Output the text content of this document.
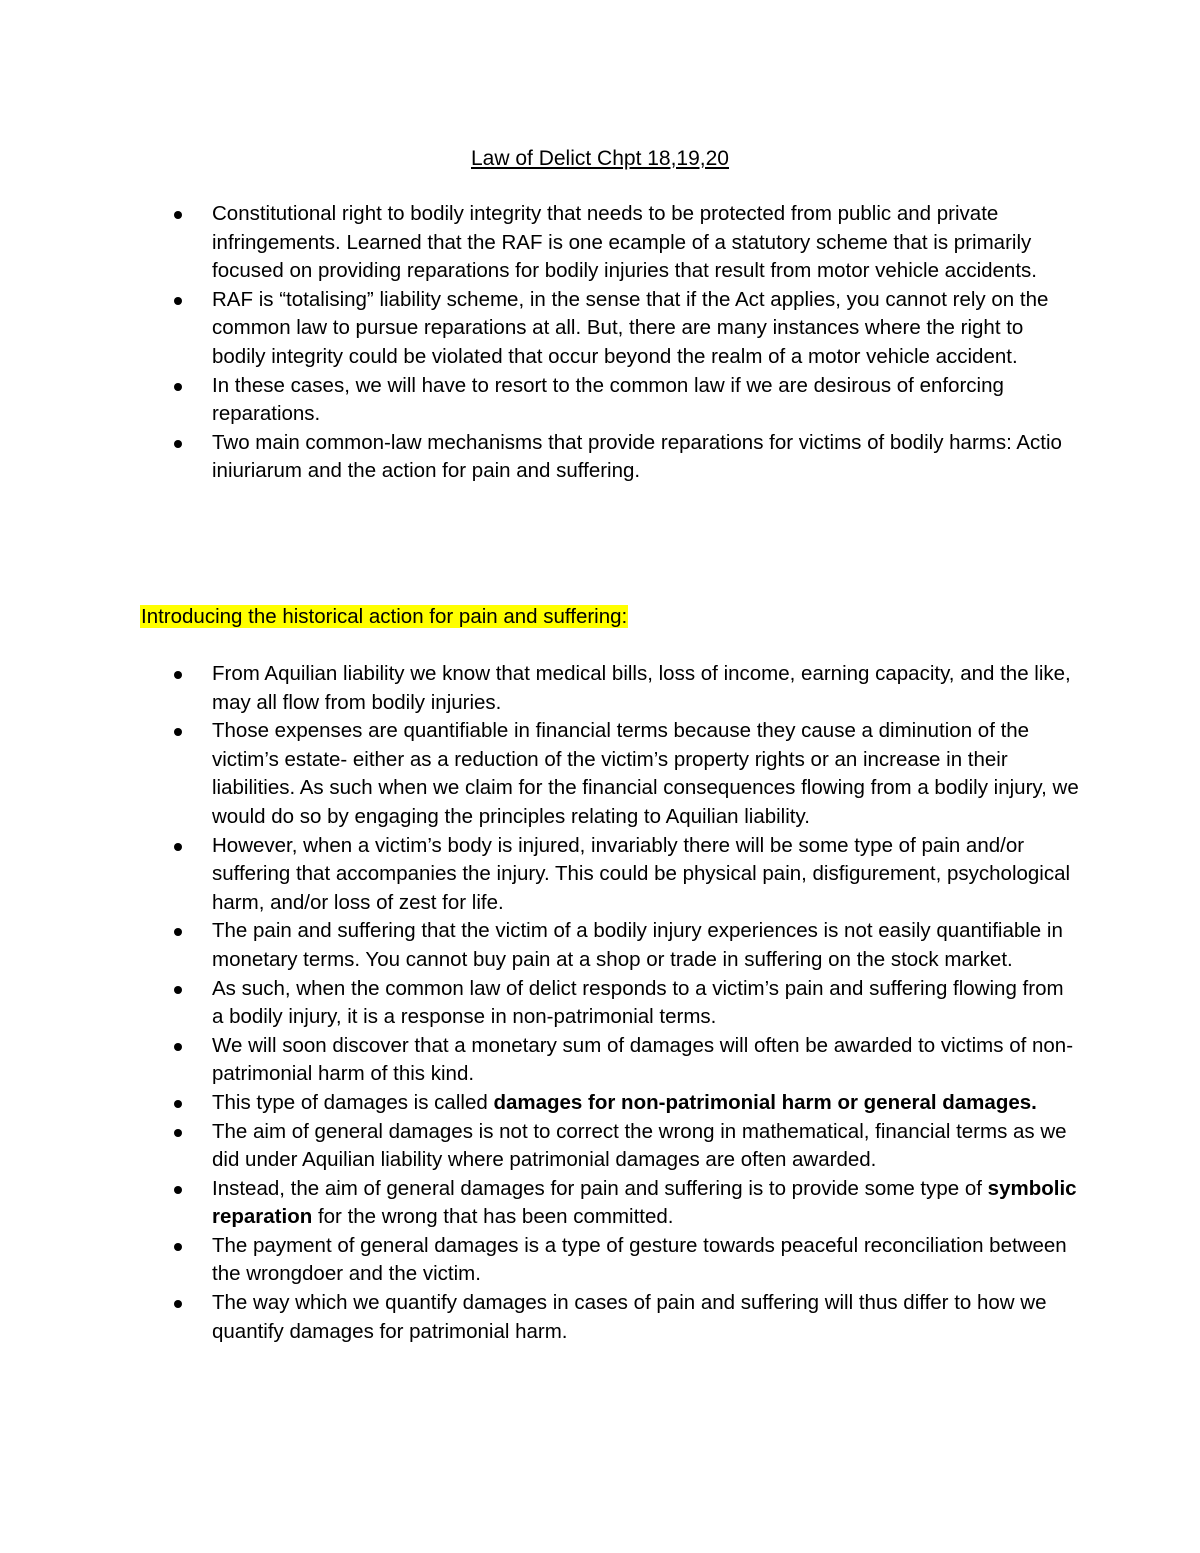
Law of Delict Chpt 18,19,20
Constitutional right to bodily integrity that needs to be protected from public and private infringements. Learned that the RAF is one ecample of a statutory scheme that is primarily focused on providing reparations for bodily injuries that result from motor vehicle accidents.
RAF is “totalising” liability scheme, in the sense that if the Act applies, you cannot rely on the common law to pursue reparations at all. But, there are many instances where the right to bodily integrity could be violated that occur beyond the realm of a motor vehicle accident.
In these cases, we will have to resort to the common law if we are desirous of enforcing reparations.
Two main common-law mechanisms that provide reparations for victims of bodily harms: Actio iniuriarum and the action for pain and suffering.
Introducing the historical action for pain and suffering:
From Aquilian liability we know that medical bills, loss of income, earning capacity, and the like, may all flow from bodily injuries.
Those expenses are quantifiable in financial terms because they cause a diminution of the victim’s estate- either as a reduction of the victim’s property rights or an increase in their liabilities. As such when we claim for the financial consequences flowing from a bodily injury, we would do so by engaging the principles relating to Aquilian liability.
However, when a victim’s body is injured, invariably there will be some type of pain and/or suffering that accompanies the injury. This could be physical pain, disfigurement, psychological harm, and/or loss of zest for life.
The pain and suffering that the victim of a bodily injury experiences is not easily quantifiable in monetary terms. You cannot buy pain at a shop or trade in suffering on the stock market.
As such, when the common law of delict responds to a victim’s pain and suffering flowing from a bodily injury, it is a response in non-patrimonial terms.
We will soon discover that a monetary sum of damages will often be awarded to victims of non-patrimonial harm of this kind.
This type of damages is called damages for non-patrimonial harm or general damages.
The aim of general damages is not to correct the wrong in mathematical, financial terms as we did under Aquilian liability where patrimonial damages are often awarded.
Instead, the aim of general damages for pain and suffering is to provide some type of symbolic reparation for the wrong that has been committed.
The payment of general damages is a type of gesture towards peaceful reconciliation between the wrongdoer and the victim.
The way which we quantify damages in cases of pain and suffering will thus differ to how we quantify damages for patrimonial harm.
